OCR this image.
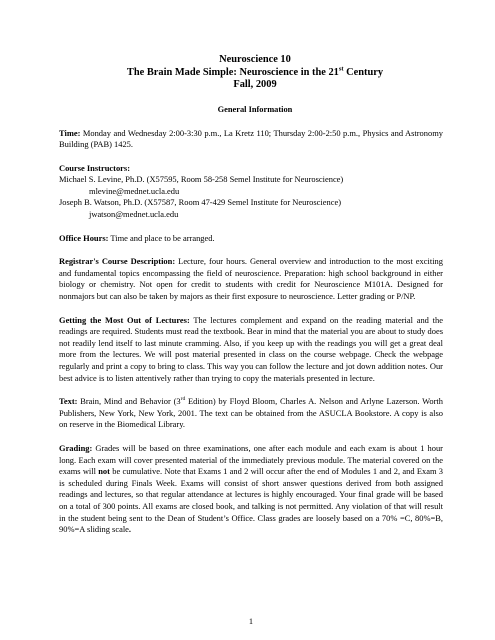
Neuroscience 10
The Brain Made Simple: Neuroscience in the 21st Century
Fall, 2009
General Information

Time: Monday and Wednesday 2:00-3:30 p.m., La Kretz 110; Thursday 2:00-2:50 p.m., Physics and Astronomy Building (PAB) 1425.

Course Instructors:
Michael S. Levine, Ph.D. (X57595, Room 58-258 Semel Institute for Neuroscience)
mlevine@mednet.ucla.edu
Joseph B. Watson, Ph.D. (X57587, Room 47-429 Semel Institute for Neuroscience)
jwatson@mednet.ucla.edu

Office Hours: Time and place to be arranged.

Registrar's Course Description: Lecture, four hours. General overview and introduction to the most exciting and fundamental topics encompassing the field of neuroscience. Preparation: high school background in either biology or chemistry. Not open for credit to students with credit for Neuroscience M101A. Designed for nonmajors but can also be taken by majors as their first exposure to neuroscience. Letter grading or P/NP.

Getting the Most Out of Lectures: The lectures complement and expand on the reading material and the readings are required. Students must read the textbook. Bear in mind that the material you are about to study does not readily lend itself to last minute cramming. Also, if you keep up with the readings you will get a great deal more from the lectures. We will post material presented in class on the course webpage. Check the webpage regularly and print a copy to bring to class. This way you can follow the lecture and jot down addition notes. Our best advice is to listen attentively rather than trying to copy the materials presented in lecture.

Text: Brain, Mind and Behavior (3rd Edition) by Floyd Bloom, Charles A. Nelson and Arlyne Lazerson. Worth Publishers, New York, New York, 2001. The text can be obtained from the ASUCLA Bookstore. A copy is also on reserve in the Biomedical Library.

Grading: Grades will be based on three examinations, one after each module and each exam is about 1 hour long. Each exam will cover presented material of the immediately previous module. The material covered on the exams will not be cumulative. Note that Exams 1 and 2 will occur after the end of Modules 1 and 2, and Exam 3 is scheduled during Finals Week. Exams will consist of short answer questions derived from both assigned readings and lectures, so that regular attendance at lectures is highly encouraged. Your final grade will be based on a total of 300 points. All exams are closed book, and talking is not permitted. Any violation of that will result in the student being sent to the Dean of Student’s Office. Class grades are loosely based on a 70% =C, 80%=B, 90%=A sliding scale.

1
